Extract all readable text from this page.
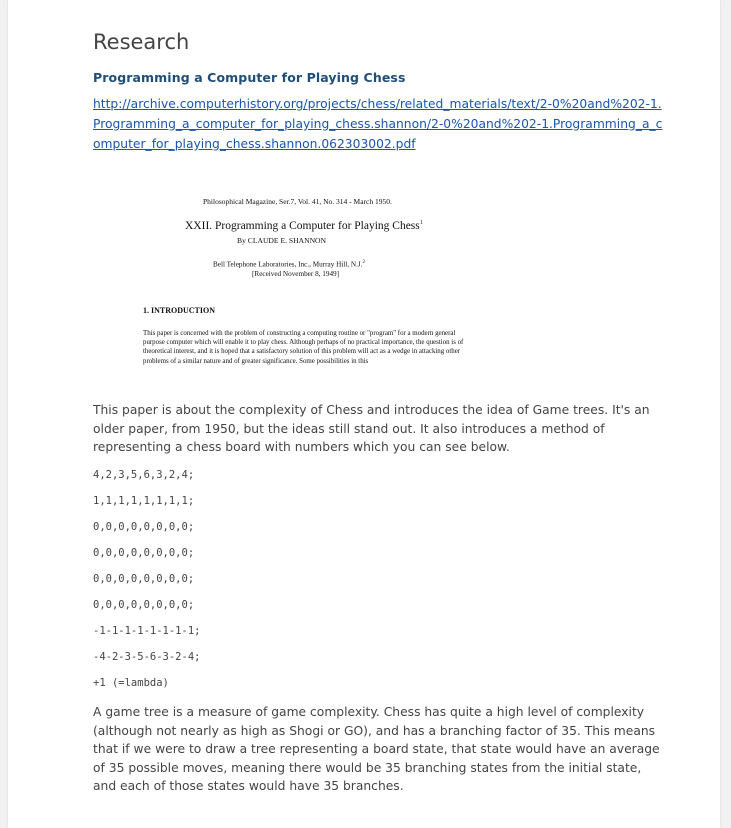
Research
Programming a Computer for Playing Chess
http://archive.computerhistory.org/projects/chess/related_materials/text/2-0%20and%202-1.Programming_a_computer_for_playing_chess.shannon/2-0%20and%202-1.Programming_a_computer_for_playing_chess.shannon.062303002.pdf
Philosophical Magazine, Ser.7, Vol. 41, No. 314 - March 1950.
XXII. Programming a Computer for Playing Chess$^1$
By CLAUDE E. SHANNON
Bell Telephone Laboratories, Inc., Murray Hill, N.J.$^2$
[Received November 8, 1949]
1. INTRODUCTION
This paper is concerned with the problem of constructing a computing routine or "program" for a modern general purpose computer which will enable it to play chess. Although perhaps of no practical importance, the question is of theoretical interest, and it is hoped that a satisfactory solution of this problem will act as a wedge in attacking other problems of a similar nature and of greater significance. Some possibilities in this

This paper is about the complexity of Chess and introduces the idea of Game trees. It's an older paper, from 1950, but the ideas still stand out. It also introduces a method of representing a chess board with numbers which you can see below.

4,2,3,5,6,3,2,4;
1,1,1,1,1,1,1,1;
0,0,0,0,0,0,0,0;
0,0,0,0,0,0,0,0;
0,0,0,0,0,0,0,0;
0,0,0,0,0,0,0,0;
-1-1-1-1-1-1-1-1;
-4-2-3-5-6-3-2-4;
+1 (=lambda)

A game tree is a measure of game complexity. Chess has quite a high level of complexity (although not nearly as high as Shogi or GO), and has a branching factor of 35. This means that if we were to draw a tree representing a board state, that state would have an average of 35 possible moves, meaning there would be 35 branching states from the initial state, and each of those states would have 35 branches.
